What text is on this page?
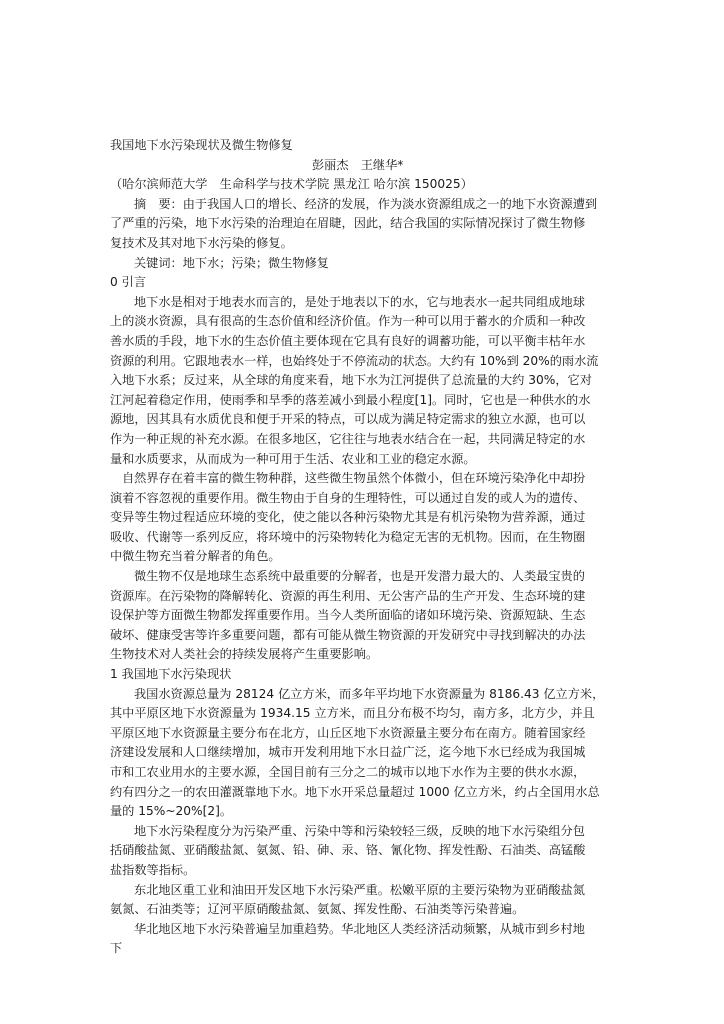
我国地下水污染现状及微生物修复
彭丽杰　王继华*
（哈尔滨师范大学　生命科学与技术学院 黑龙江 哈尔滨 150025）
摘　要：由于我国人口的增长、经济的发展，作为淡水资源组成之一的地下水资源遭到
了严重的污染，地下水污染的治理迫在眉睫，因此，结合我国的实际情况探讨了微生物修
复技术及其对地下水污染的修复。
关键词：地下水；污染；微生物修复
0 引言
地下水是相对于地表水而言的，是处于地表以下的水，它与地表水一起共同组成地球
上的淡水资源，具有很高的生态价值和经济价值。作为一种可以用于蓄水的介质和一种改
善水质的手段，地下水的生态价值主要体现在它具有良好的调蓄功能，可以平衡丰枯年水
资源的利用。它跟地表水一样，也始终处于不停流动的状态。大约有 10%到 20%的雨水流
入地下水系；反过来，从全球的角度来看，地下水为江河提供了总流量的大约 30%，它对
江河起着稳定作用，使雨季和旱季的落差减小到最小程度[1]。同时，它也是一种供水的水
源地，因其具有水质优良和便于开采的特点，可以成为满足特定需求的独立水源，也可以
作为一种正规的补充水源。在很多地区，它往往与地表水结合在一起，共同满足特定的水
量和水质要求，从而成为一种可用于生活、农业和工业的稳定水源。
自然界存在着丰富的微生物种群，这些微生物虽然个体微小，但在环境污染净化中却扮
演着不容忽视的重要作用。微生物由于自身的生理特性，可以通过自发的或人为的遗传、
变异等生物过程适应环境的变化，使之能以各种污染物尤其是有机污染物为营养源，通过
吸收、代谢等一系列反应，将环境中的污染物转化为稳定无害的无机物。因而，在生物圈
中微生物充当着分解者的角色。
微生物不仅是地球生态系统中最重要的分解者，也是开发潜力最大的、人类最宝贵的
资源库。在污染物的降解转化、资源的再生利用、无公害产品的生产开发、生态环境的建
设保护等方面微生物都发挥重要作用。当今人类所面临的诸如环境污染、资源短缺、生态
破坏、健康受害等许多重要问题，都有可能从微生物资源的开发研究中寻找到解决的办法
生物技术对人类社会的持续发展将产生重要影响。
1 我国地下水污染现状
我国水资源总量为 28124 亿立方米，而多年平均地下水资源量为 8186.43 亿立方米，
其中平原区地下水资源量为 1934.15 立方米，而且分布极不均匀，南方多，北方少，并且
平原区地下水资源量主要分布在北方，山丘区地下水资源量主要分布在南方。随着国家经
济建设发展和人口继续增加，城市开发利用地下水日益广泛，迄今地下水已经成为我国城
市和工农业用水的主要水源，全国目前有三分之二的城市以地下水作为主要的供水水源，
约有四分之一的农田灌溉靠地下水。地下水开采总量超过 1000 亿立方米，约占全国用水总
量的 15%~20%[2]。
地下水污染程度分为污染严重、污染中等和污染较轻三级，反映的地下水污染组分包
括硝酸盐氮、亚硝酸盐氮、氨氮、铅、砷、汞、铬、氰化物、挥发性酚、石油类、高锰酸
盐指数等指标。
东北地区重工业和油田开发区地下水污染严重。松嫩平原的主要污染物为亚硝酸盐氮
氨氮、石油类等；辽河平原硝酸盐氮、氨氮、挥发性酚、石油类等污染普遍。
华北地区地下水污染普遍呈加重趋势。华北地区人类经济活动频繁，从城市到乡村地
下
